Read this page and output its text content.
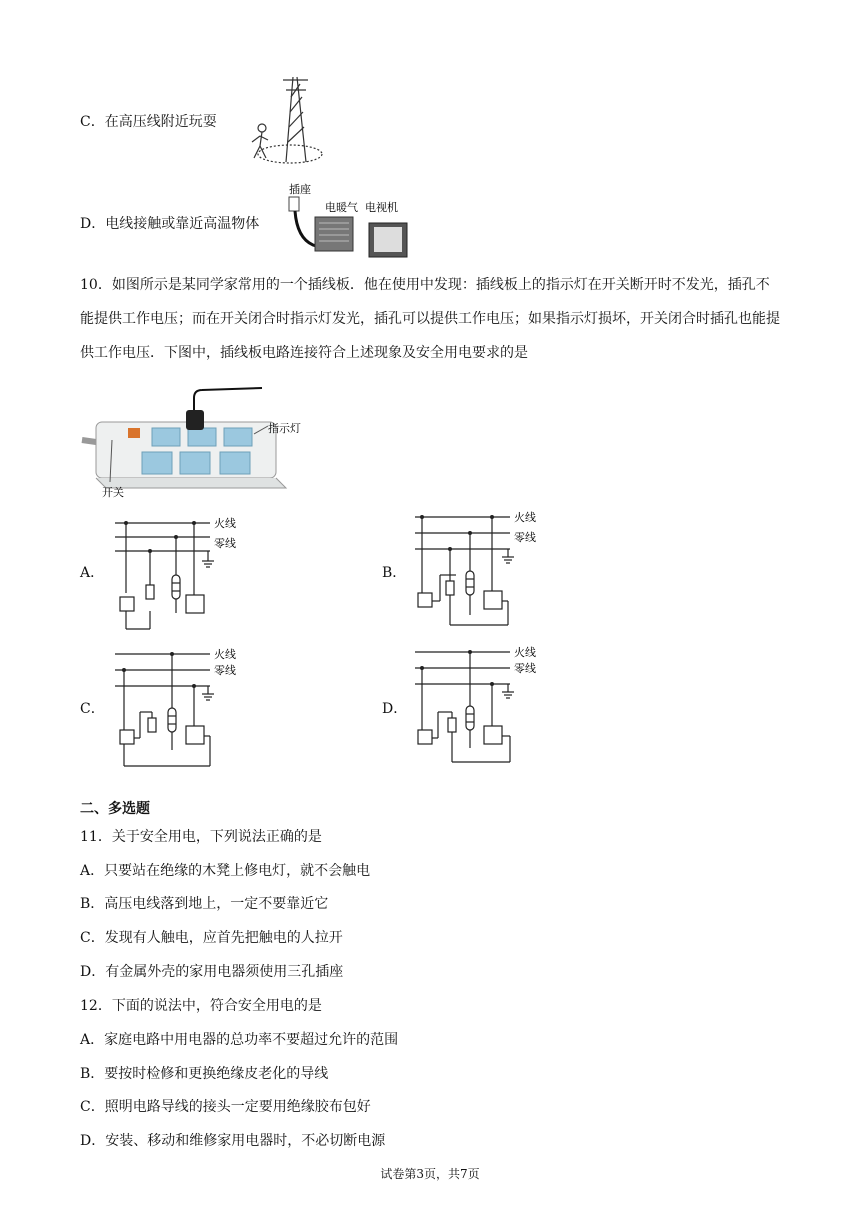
C．在高压线附近玩耍
D．电线接触或靠近高温物体
插座
电暖气 电视机
10．如图所示是某同学家常用的一个插线板．他在使用中发现：插线板上的指示灯在开关断开时不发光，插孔不能提供工作电压；而在开关闭合时指示灯发光，插孔可以提供工作电压；如果指示灯损坏，开关闭合时插孔也能提供工作电压．下图中，插线板电路连接符合上述现象及安全用电要求的是
指示灯
开关
A．
火线
零线
B．
火线
零线
C．
火线
零线
D．
火线
零线
二、多选题
11．关于安全用电，下列说法正确的是
A．只要站在绝缘的木凳上修电灯，就不会触电
B．高压电线落到地上，一定不要靠近它
C．发现有人触电，应首先把触电的人拉开
D．有金属外壳的家用电器须使用三孔插座
12．下面的说法中，符合安全用电的是
A．家庭电路中用电器的总功率不要超过允许的范围
B．要按时检修和更换绝缘皮老化的导线
C．照明电路导线的接头一定要用绝缘胶布包好
D．安装、移动和维修家用电器时，不必切断电源
试卷第3页，共7页
